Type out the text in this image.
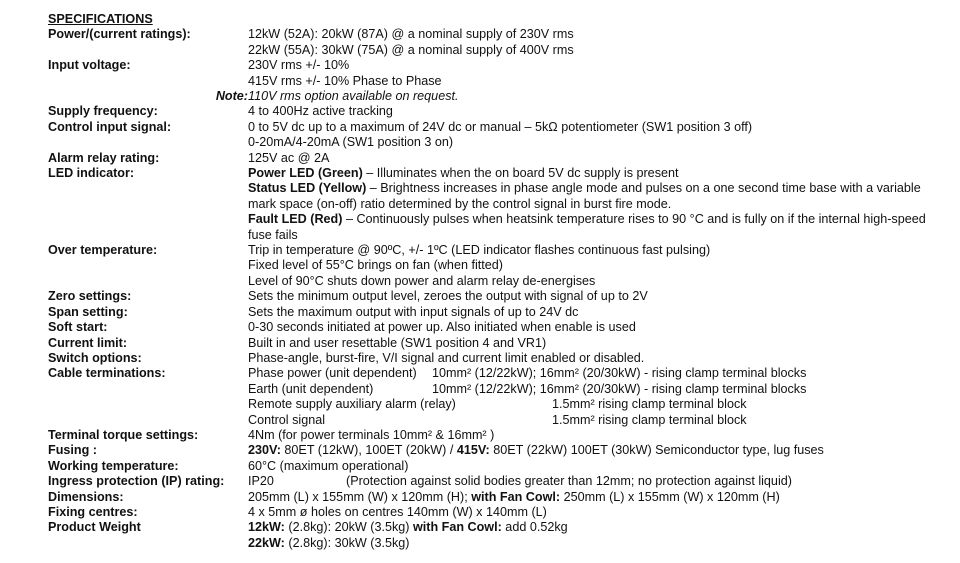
SPECIFICATIONS
Power/(current ratings):	12kW (52A): 20kW (87A) @ a nominal supply of 230V rms
22kW (55A): 30kW (75A) @ a nominal supply of 400V rms
Input voltage:	230V rms +/- 10%
415V rms +/- 10% Phase to Phase
Note: 110V rms option available on request.
Supply frequency:	4 to 400Hz active tracking
Control input signal:	0 to 5V dc up to a maximum of 24V dc or manual – 5kΩ potentiometer (SW1 position 3 off)
0-20mA/4-20mA (SW1 position 3 on)
Alarm relay rating:	125V ac @ 2A
LED indicator:	Power LED (Green) – Illuminates when the on board 5V dc supply is present
Status LED (Yellow) – Brightness increases in phase angle mode and pulses on a one second time base with a variable mark space (on-off) ratio determined by the control signal in burst fire mode.
Fault LED (Red) – Continuously pulses when heatsink temperature rises to 90 °C and is fully on if the internal high-speed fuse fails
Over temperature:	Trip in temperature @ 90ºC, +/- 1ºC (LED indicator flashes continuous fast pulsing)
Fixed level of 55°C brings on fan (when fitted)
Level of 90°C shuts down power and alarm relay de-energises
Zero settings:	Sets the minimum output level, zeroes the output with signal of up to 2V
Span setting:	Sets the maximum output with input signals of up to 24V dc
Soft start:	0-30 seconds initiated at power up. Also initiated when enable is used
Current limit:	Built in and user resettable (SW1 position 4 and VR1)
Switch options:	Phase-angle, burst-fire, V/I signal and current limit enabled or disabled.
Cable terminations:	Phase power (unit dependent) 10mm² (12/22kW); 16mm² (20/30kW) - rising clamp terminal blocks
Earth (unit dependent)	10mm² (12/22kW); 16mm² (20/30kW) - rising clamp terminal blocks
Remote supply auxiliary alarm (relay)	1.5mm² rising clamp terminal block
Control signal	1.5mm² rising clamp terminal block
Terminal torque settings:	4Nm (for power terminals 10mm² & 16mm² )
Fusing :	230V: 80ET (12kW), 100ET (20kW) / 415V: 80ET (22kW) 100ET (30kW) Semiconductor type, lug fuses
Working temperature:	60°C (maximum operational)
Ingress protection (IP) rating:	IP20	(Protection against solid bodies greater than 12mm; no protection against liquid)
Dimensions:	205mm (L) x 155mm (W) x 120mm (H); with Fan Cowl: 250mm (L) x 155mm (W) x 120mm (H)
Fixing centres:	4 x 5mm ø holes on centres 140mm (W) x 140mm (L)
Product Weight	12kW: (2.8kg): 20kW (3.5kg) with Fan Cowl: add 0.52kg
22kW: (2.8kg): 30kW (3.5kg)
